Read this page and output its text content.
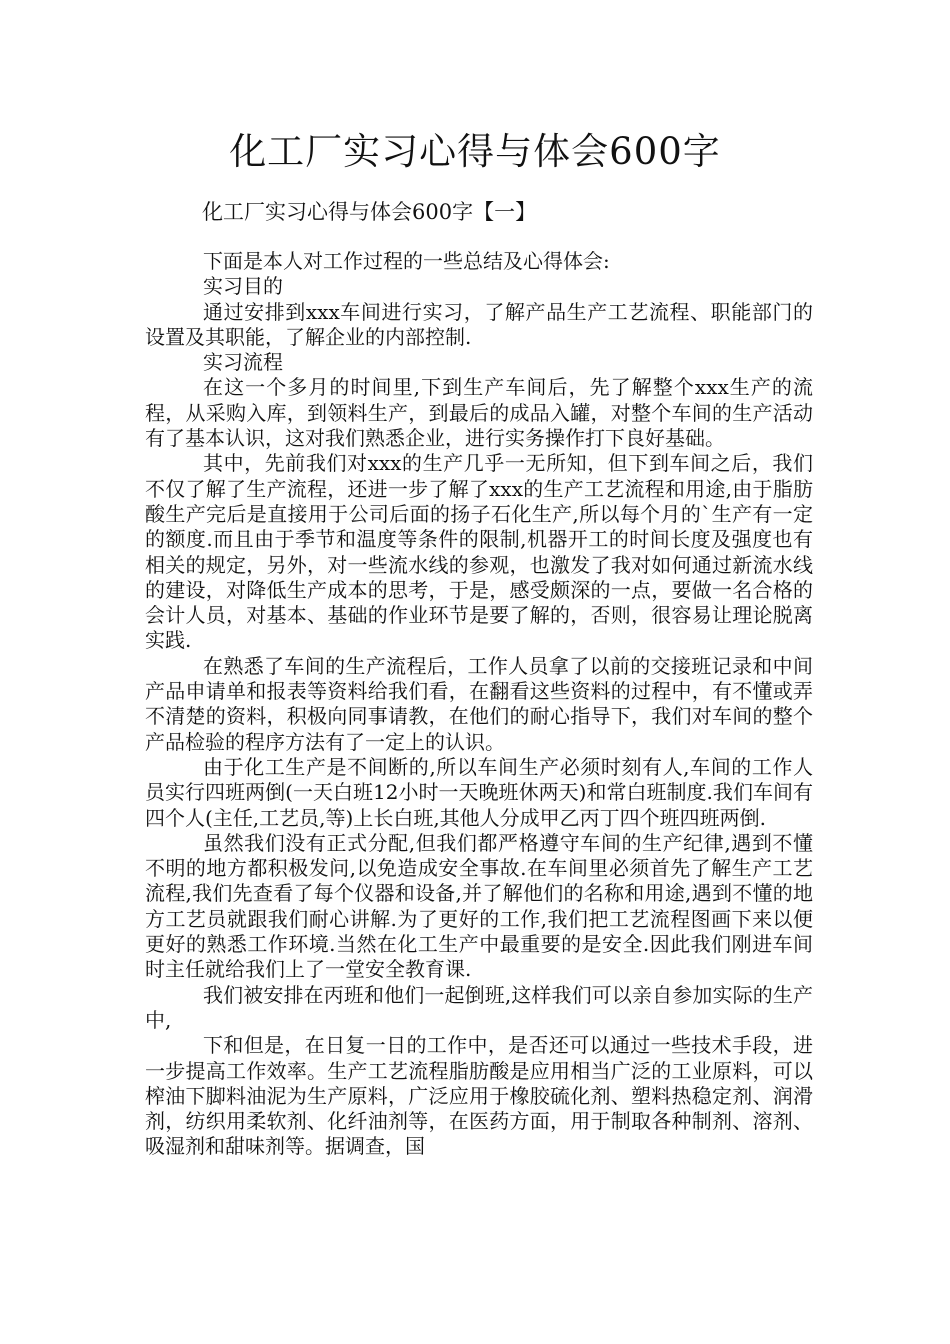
化工厂实习心得与体会600字
化工厂实习心得与体会600字【一】

下面是本人对工作过程的一些总结及心得体会:

实习目的

通过安排到xxx车间进行实习，了解产品生产工艺流程、职能部门的设置及其职能，了解企业的内部控制.

实习流程

在这一个多月的时间里,下到生产车间后，先了解整个xxx生产的流程，从采购入库，到领料生产，到最后的成品入罐，对整个车间的生产活动有了基本认识，这对我们熟悉企业，进行实务操作打下良好基础。

其中，先前我们对xxx的生产几乎一无所知，但下到车间之后，我们不仅了解了生产流程，还进一步了解了xxx的生产工艺流程和用途,由于脂肪酸生产完后是直接用于公司后面的扬子石化生产,所以每个月的`生产有一定的额度.而且由于季节和温度等条件的限制,机器开工的时间长度及强度也有相关的规定，另外，对一些流水线的参观，也激发了我对如何通过新流水线的建设，对降低生产成本的思考，于是，感受颇深的一点，要做一名合格的会计人员，对基本、基础的作业环节是要了解的，否则，很容易让理论脱离实践.

在熟悉了车间的生产流程后，工作人员拿了以前的交接班记录和中间产品申请单和报表等资料给我们看，在翻看这些资料的过程中，有不懂或弄不清楚的资料，积极向同事请教，在他们的耐心指导下，我们对车间的整个产品检验的程序方法有了一定上的认识。

由于化工生产是不间断的,所以车间生产必须时刻有人,车间的工作人员实行四班两倒(一天白班12小时一天晚班休两天)和常白班制度.我们车间有四个人(主任,工艺员,等)上长白班,其他人分成甲乙丙丁四个班四班两倒.

虽然我们没有正式分配,但我们都严格遵守车间的生产纪律,遇到不懂不明的地方都积极发问,以免造成安全事故.在车间里必须首先了解生产工艺流程,我们先查看了每个仪器和设备,并了解他们的名称和用途,遇到不懂的地方工艺员就跟我们耐心讲解.为了更好的工作,我们把工艺流程图画下来以便更好的熟悉工作环境.当然在化工生产中最重要的是安全.因此我们刚进车间时主任就给我们上了一堂安全教育课.

我们被安排在丙班和他们一起倒班,这样我们可以亲自参加实际的生产中,

下和但是，在日复一日的工作中，是否还可以通过一些技术手段，进一步提高工作效率。生产工艺流程脂肪酸是应用相当广泛的工业原料，可以榨油下脚料油泥为生产原料，广泛应用于橡胶硫化剂、塑料热稳定剂、润滑剂，纺织用柔软剂、化纤油剂等，在医药方面，用于制取各种制剂、溶剂、吸湿剂和甜味剂等。据调查，国
